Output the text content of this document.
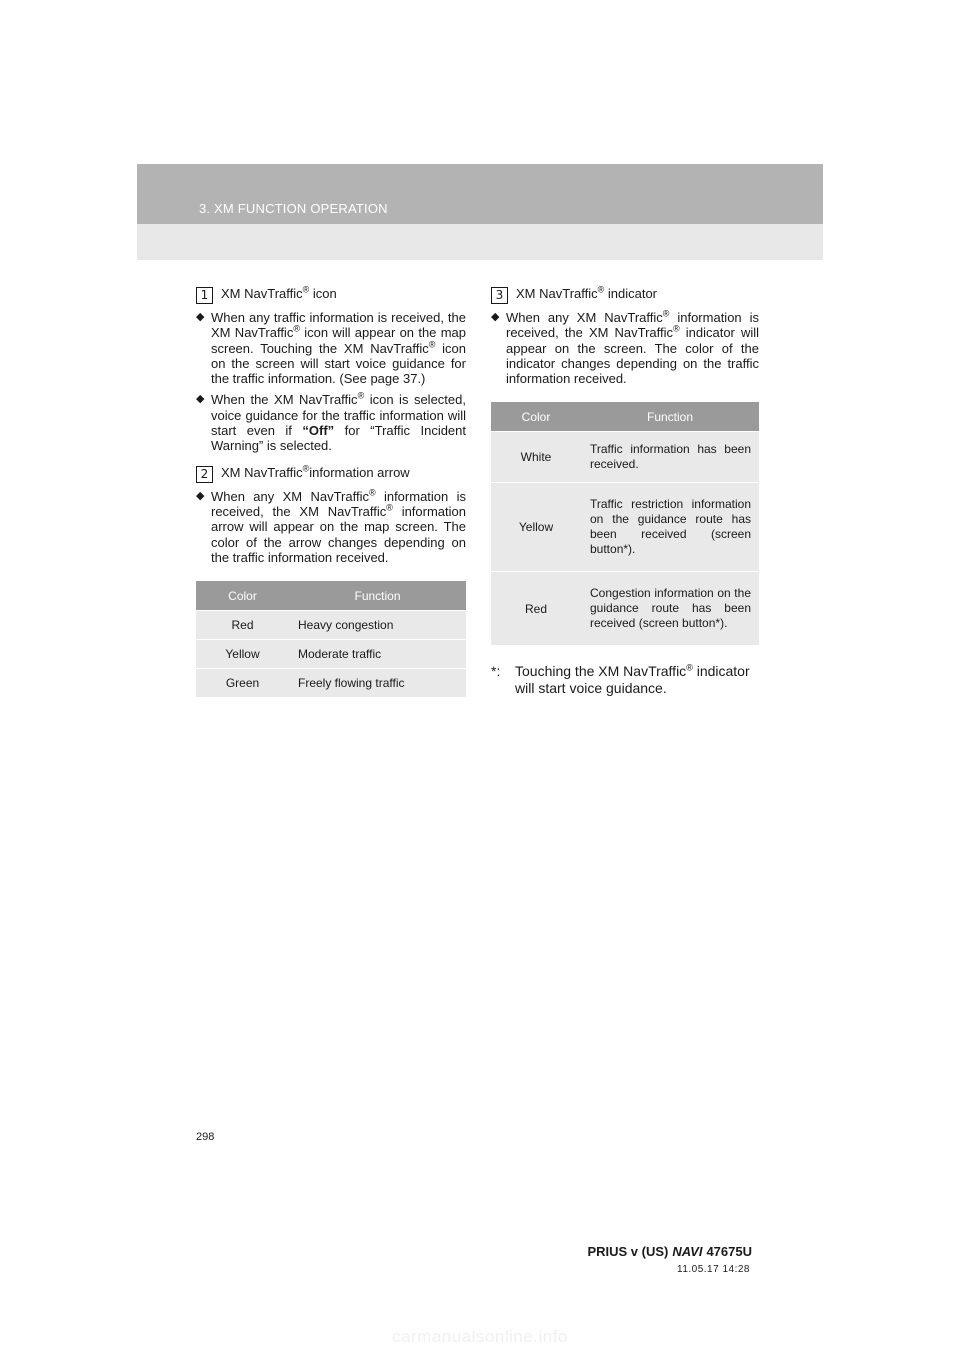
3. XM FUNCTION OPERATION
1 XM NavTraffic® icon
◆ When any traffic information is received, the XM NavTraffic® icon will appear on the map screen. Touching the XM NavTraffic® icon on the screen will start voice guidance for the traffic information. (See page 37.)
◆ When the XM NavTraffic® icon is selected, voice guidance for the traffic information will start even if “Off” for “Traffic Incident Warning” is selected.
2 XM NavTraffic®information arrow
◆ When any XM NavTraffic® information is received, the XM NavTraffic® information arrow will appear on the map screen. The color of the arrow changes depending on the traffic information received.
Color	Function
Red	Heavy congestion
Yellow	Moderate traffic
Green	Freely flowing traffic
3 XM NavTraffic® indicator
◆ When any XM NavTraffic® information is received, the XM NavTraffic® indicator will appear on the screen. The color of the indicator changes depending on the traffic information received.
Color	Function
White	Traffic information has been received.
Yellow	Traffic restriction information on the guidance route has been received (screen button*).
Red	Congestion information on the guidance route has been received (screen button*).
*: Touching the XM NavTraffic® indicator will start voice guidance.
298
PRIUS v (US) NAVI 47675U
11.05.17 14:28
carmanualsonline.info
